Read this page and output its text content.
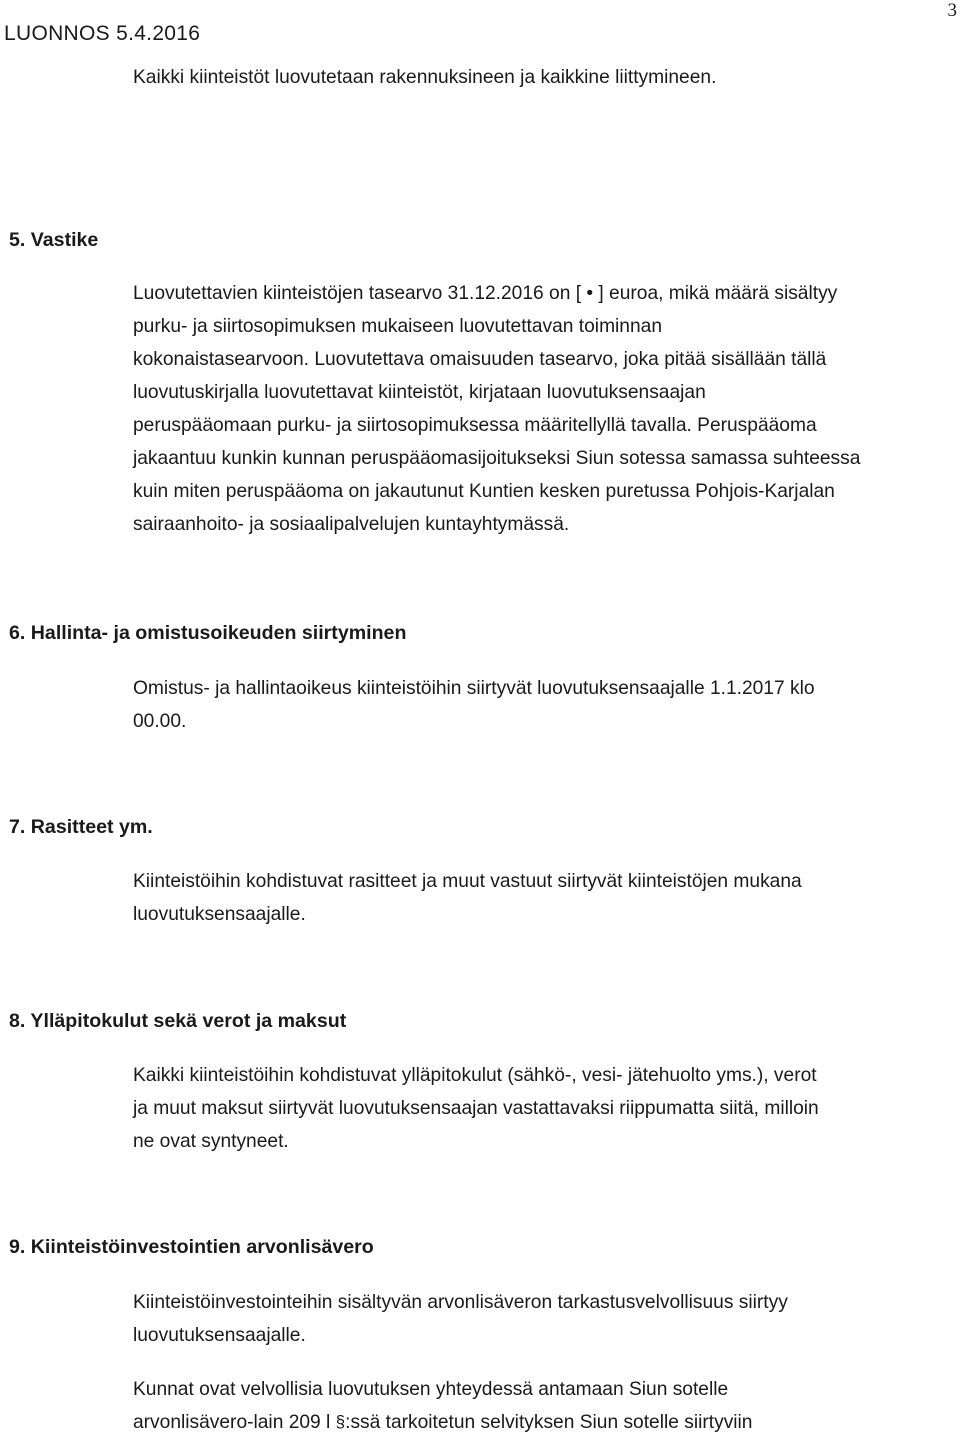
LUONNOS 5.4.2016
3
Kaikki kiinteistöt luovutetaan rakennuksineen ja kaikkine liittymineen.
5. Vastike
Luovutettavien kiinteistöjen tasearvo 31.12.2016 on [ • ] euroa, mikä määrä sisältyy
purku- ja siirtosopimuksen mukaiseen luovutettavan toiminnan
kokonaistasearvoon. Luovutettava omaisuuden tasearvo, joka pitää sisällään tällä
luovutuskirjalla luovutettavat kiinteistöt, kirjataan luovutuksensaajan
peruspääomaan purku- ja siirtosopimuksessa määritellyllä tavalla. Peruspääoma
jakaantuu kunkin kunnan peruspääomasijoitukseksi Siun sotessa samassa suhteessa
kuin miten peruspääoma on jakautunut Kuntien kesken puretussa Pohjois-Karjalan
sairaanhoito- ja sosiaalipalvelujen kuntayhtymässä.
6. Hallinta- ja omistusoikeuden siirtyminen
Omistus- ja hallintaoikeus kiinteistöihin siirtyvät luovutuksensaajalle 1.1.2017 klo
00.00.
7. Rasitteet ym.
Kiinteistöihin kohdistuvat rasitteet ja muut vastuut siirtyvät kiinteistöjen mukana
luovutuksensaajalle.
8. Ylläpitokulut sekä verot ja maksut
Kaikki kiinteistöihin kohdistuvat ylläpitokulut (sähkö-, vesi- jätehuolto yms.), verot
ja muut maksut siirtyvät luovutuksensaajan vastattavaksi riippumatta siitä, milloin
ne ovat syntyneet.
9. Kiinteistöinvestointien arvonlisävero
Kiinteistöinvestointeihin sisältyvän arvonlisäveron tarkastusvelvollisuus siirtyy
luovutuksensaajalle.
Kunnat ovat velvollisia luovutuksen yhteydessä antamaan Siun sotelle
arvonlisävero-lain 209 l §:ssä tarkoitetun selvityksen Siun sotelle siirtyviin
